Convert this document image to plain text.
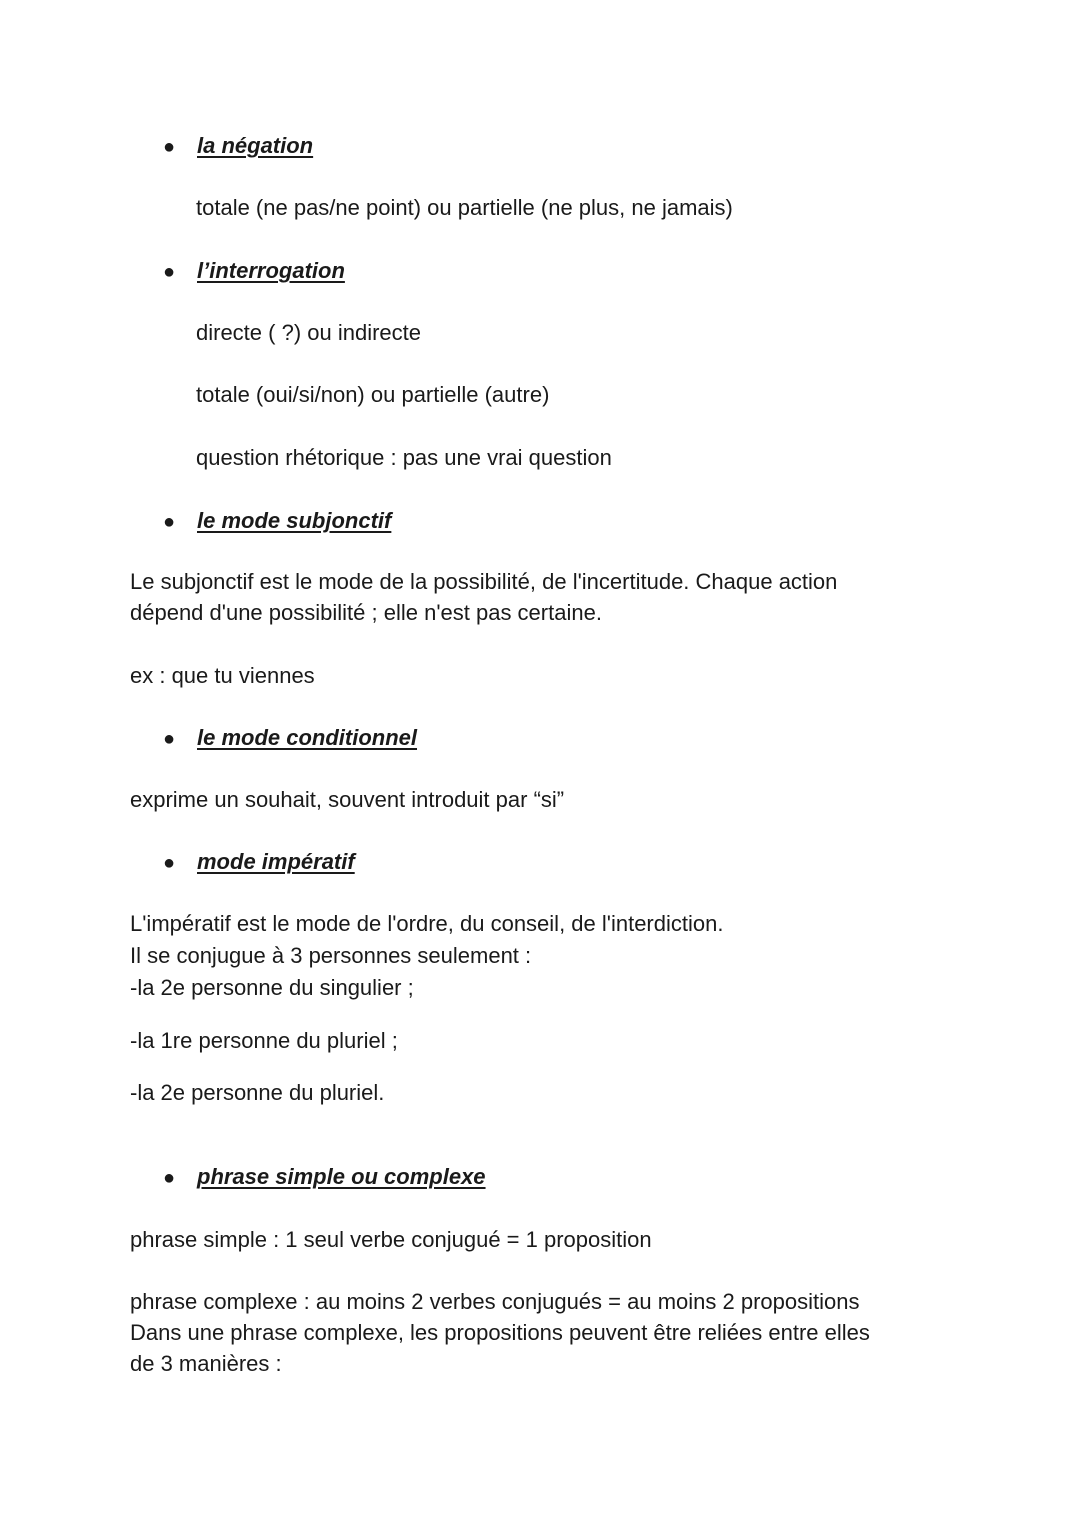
● la négation

totale (ne pas/ne point) ou partielle (ne plus, ne jamais)

● l’interrogation

directe ( ?) ou indirecte

totale (oui/si/non) ou partielle (autre)

question rhétorique : pas une vrai question

● le mode subjonctif

Le subjonctif est le mode de la possibilité, de l'incertitude. Chaque action

dépend d'une possibilité ; elle n'est pas certaine.

ex : que tu viennes

● le mode conditionnel

exprime un souhait, souvent introduit par “si”

● mode impératif

L'impératif est le mode de l'ordre, du conseil, de l'interdiction.

Il se conjugue à 3 personnes seulement :

-la 2e personne du singulier ;

-la 1re personne du pluriel ;

-la 2e personne du pluriel.

● phrase simple ou complexe

phrase simple : 1 seul verbe conjugué = 1 proposition

phrase complexe : au moins 2 verbes conjugués = au moins 2 propositions

Dans une phrase complexe, les propositions peuvent être reliées entre elles

de 3 manières :
